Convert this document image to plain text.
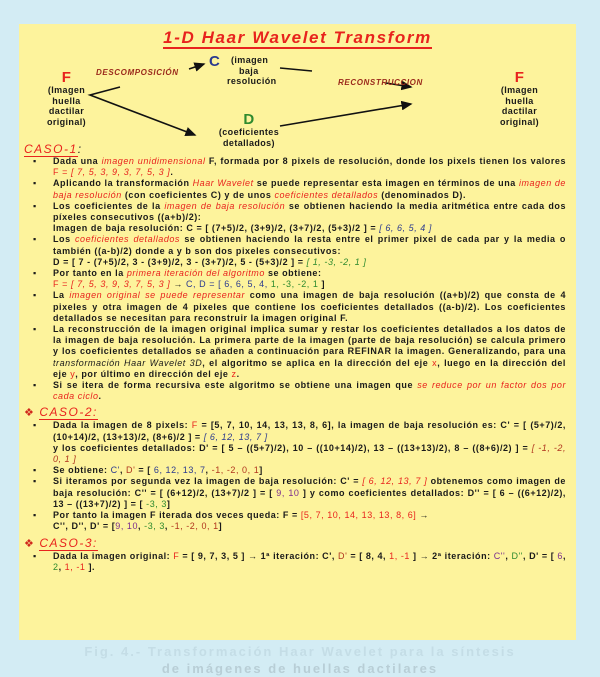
1-D Haar Wavelet Transform
F
(Imagen
huella
dactilar
original)
DESCOMPOSICIÓN
C	(imagen
baja
resolución	RECONSTRUCCION
D
(coeficientes
detallados)
F
(Imagen
huella
dactilar
original)
CASO-1:
▪ Dada una imagen unidimensional F, formada por 8 pixels de resolución, donde los pixels tienen los valores F = [ 7, 5, 3, 9, 3, 7, 5, 3 ].
▪ Aplicando la transformación Haar Wavelet se puede representar esta imagen en términos de una imagen de baja resolución (con coeficientes C) y de unos coeficientes detallados (denominados D).
▪ Los coeficientes de la imagen de baja resolución se obtienen haciendo la media aritmética entre cada dos píxeles consecutivos ((a+b)/2):
Imagen de baja resolución: C = [ (7+5)/2, (3+9)/2, (3+7)/2, (5+3)/2 ] = [ 6, 6, 5, 4 ]
▪ Los coeficientes detallados se obtienen haciendo la resta entre el primer pixel de cada par y la media o también ((a-b)/2) donde a y b son dos pixeles consecutivos:
D = [ 7 - (7+5)/2, 3 - (3+9)/2, 3 - (3+7)/2, 5 - (5+3)/2 ] = [ 1, -3, -2, 1 ]
▪ Por tanto en la primera iteración del algoritmo se obtiene:
F = [ 7, 5, 3, 9, 3, 7, 5, 3 ] → C, D = [ 6, 6, 5, 4, 1, -3, -2, 1 ]
▪ La imagen original se puede representar como una imagen de baja resolución ((a+b)/2) que consta de 4 pixeles y otra imagen de 4 pixeles que contiene los coeficientes detallados ((a-b)/2). Los coeficientes detallados se necesitan para reconstruir la imagen original F.
▪ La reconstrucción de la imagen original implica sumar y restar los coeficientes detallados a los datos de la imagen de baja resolución. La primera parte de la imagen (parte de baja resolución) se calcula primero y los coeficientes detallados se añaden a continuación para REFINAR la imagen. Generalizando, para una transformación Haar Wavelet 3D, el algoritmo se aplica en la dirección del eje x, luego en la dirección del eje y, por último en dirección del eje z.
▪ Si se itera de forma recursiva este algoritmo se obtiene una imagen que se reduce por un factor dos por cada ciclo.
❖ CASO-2:
▪ Dada la imagen de 8 pixels: F = [5, 7, 10, 14, 13, 13, 8, 6], la imagen de baja resolución es: C' = [ (5+7)/2, (10+14)/2, (13+13)/2, (8+6)/2 ] = [ 6, 12, 13, 7 ]
y los coeficientes detallados: D' = [ 5 – ((5+7)/2), 10 – ((10+14)/2), 13 – ((13+13)/2), 8 – ((8+6)/2) ] = [ -1, -2, 0, 1 ]
▪ Se obtiene: C', D' = [ 6, 12, 13, 7, -1, -2, 0, 1]
▪ Si iteramos por segunda vez la imagen de baja resolución: C' = [ 6, 12, 13, 7 ] obtenemos como imagen de baja resolución: C'' = [ (6+12)/2, (13+7)/2 ] = [ 9, 10 ] y como coeficientes detallados: D'' = [ 6 – ((6+12)/2), 13 – ((13+7)/2) ] = [ -3, 3]
▪ Por tanto la imagen F iterada dos veces queda: F = [5, 7, 10, 14, 13, 13, 8, 6] →
C'', D'', D' = [9, 10, -3, 3, -1, -2, 0, 1]
❖ CASO-3:
▪ Dada la imagen original: F = [ 9, 7, 3, 5 ] → 1ª iteración: C', D' = [ 8, 4, 1, -1 ] → 2ª iteración: C'', D'', D' = [ 6, 2, 1, -1 ].
Fig. 4.- Transformación Haar Wavelet para la síntesis
de imágenes de huellas dactilares
